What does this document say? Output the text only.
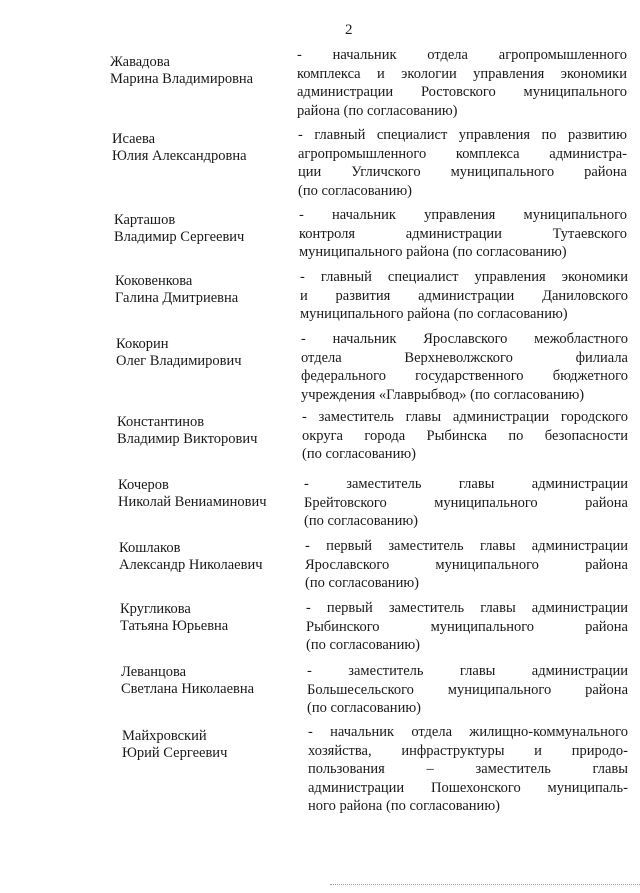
2
Жавадова
Марина Владимировна
- начальник отдела агропромышленного
комплекса и экологии управления экономики
администрации Ростовского муниципального
района (по согласованию)
Исаева
Юлия Александровна
- главный специалист управления по развитию
агропромышленного комплекса администра-
ции Угличского муниципального района
(по согласованию)
Карташов
Владимир Сергеевич
- начальник управления муниципального
контроля администрации Тутаевского
муниципального района (по согласованию)
Коковенкова
Галина Дмитриевна
- главный специалист управления экономики
и развития администрации Даниловского
муниципального района (по согласованию)
Кокорин
Олег Владимирович
- начальник Ярославского межобластного
отдела Верхневолжского филиала
федерального государственного бюджетного
учреждения «Главрыбвод» (по согласованию)
Константинов
Владимир Викторович
- заместитель главы администрации городского
округа города Рыбинска по безопасности
(по согласованию)
Кочеров
Николай Вениаминович
- заместитель главы администрации
Брейтовского муниципального района
(по согласованию)
Кошлаков
Александр Николаевич
- первый заместитель главы администрации
Ярославского муниципального района
(по согласованию)
Кругликова
Татьяна Юрьевна
- первый заместитель главы администрации
Рыбинского муниципального района
(по согласованию)
Леванцова
Светлана Николаевна
- заместитель главы администрации
Большесельского муниципального района
(по согласованию)
Майхровский
Юрий Сергеевич
- начальник отдела жилищно-коммунального
хозяйства, инфраструктуры и природо-
пользования – заместитель главы
администрации Пошехонского муниципаль-
ного района (по согласованию)
